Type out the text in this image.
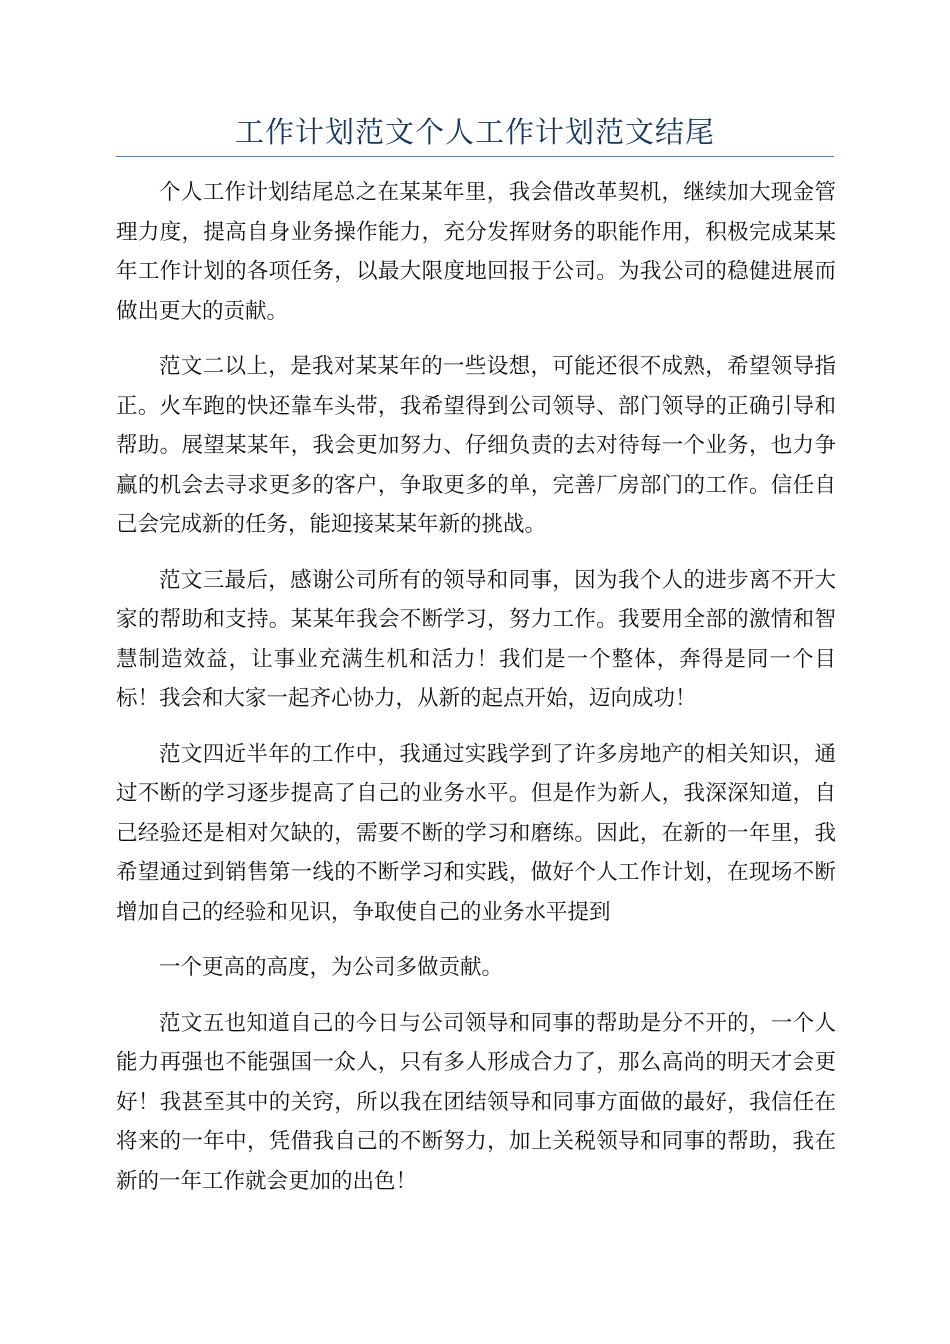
工作计划范文个人工作计划范文结尾

个人工作计划结尾总之在某某年里，我会借改革契机，继续加大现金管理力度，提高自身业务操作能力，充分发挥财务的职能作用，积极完成某某年工作计划的各项任务，以最大限度地回报于公司。为我公司的稳健进展而做出更大的贡献。

范文二以上，是我对某某年的一些设想，可能还很不成熟，希望领导指正。火车跑的快还靠车头带，我希望得到公司领导、部门领导的正确引导和帮助。展望某某年，我会更加努力、仔细负责的去对待每一个业务，也力争赢的机会去寻求更多的客户，争取更多的单，完善厂房部门的工作。信任自己会完成新的任务，能迎接某某年新的挑战。

范文三最后，感谢公司所有的领导和同事，因为我个人的进步离不开大家的帮助和支持。某某年我会不断学习，努力工作。我要用全部的激情和智慧制造效益，让事业充满生机和活力！我们是一个整体，奔得是同一个目标！我会和大家一起齐心协力，从新的起点开始，迈向成功！

范文四近半年的工作中，我通过实践学到了许多房地产的相关知识，通过不断的学习逐步提高了自己的业务水平。但是作为新人，我深深知道，自己经验还是相对欠缺的，需要不断的学习和磨练。因此，在新的一年里，我希望通过到销售第一线的不断学习和实践，做好个人工作计划，在现场不断增加自己的经验和见识，争取使自己的业务水平提到

一个更高的高度，为公司多做贡献。

范文五也知道自己的今日与公司领导和同事的帮助是分不开的，一个人能力再强也不能强国一众人，只有多人形成合力了，那么高尚的明天才会更好！我甚至其中的关窍，所以我在团结领导和同事方面做的最好，我信任在将来的一年中，凭借我自己的不断努力，加上关税领导和同事的帮助，我在新的一年工作就会更加的出色！
